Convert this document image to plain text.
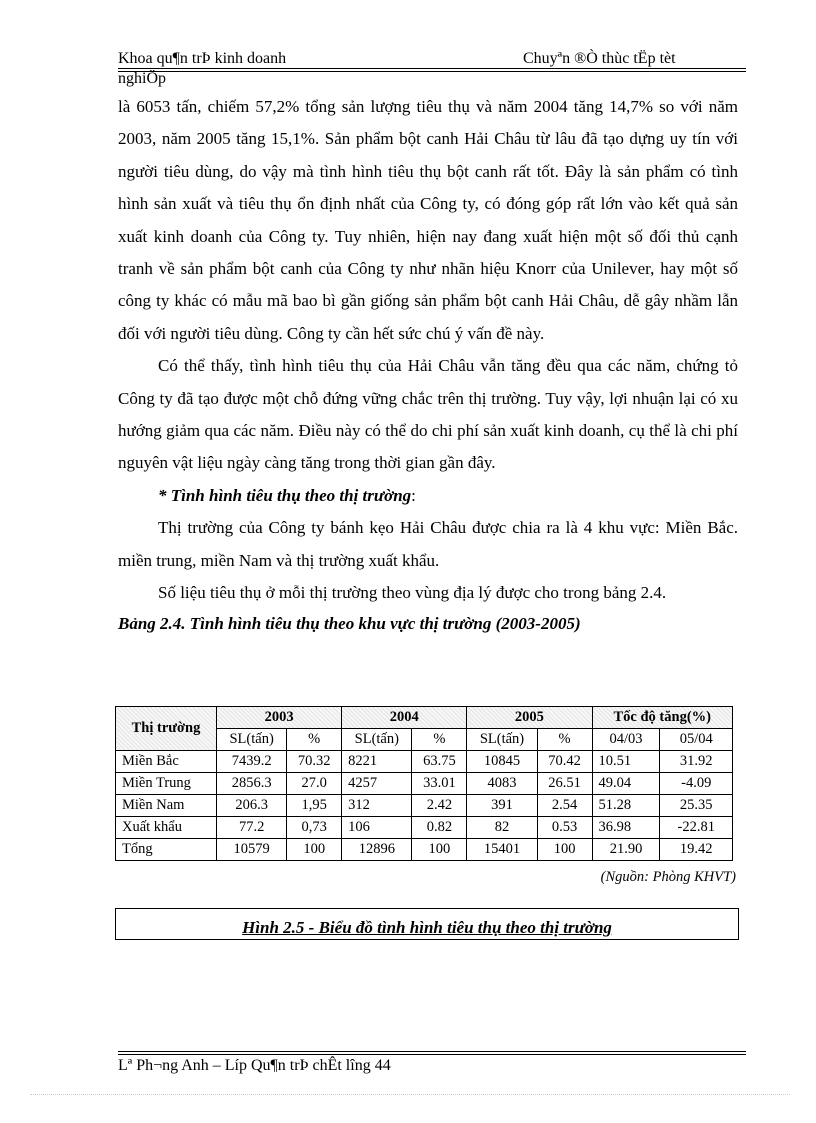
Khoa qu¶n trÞ kinh doanh	Chuyªn ®Ò thùc tËp tèt
nghiÖp

là 6053 tấn, chiếm 57,2% tổng sản lượng tiêu thụ và năm 2004 tăng 14,7% so với năm 2003, năm 2005 tăng 15,1%. Sản phẩm bột canh Hải Châu từ lâu đã tạo dựng uy tín với người tiêu dùng, do vậy mà tình hình tiêu thụ bột canh rất tốt. Đây là sản phẩm có tình hình sản xuất và tiêu thụ ổn định nhất của Công ty, có đóng góp rất lớn vào kết quả sản xuất kinh doanh của Công ty. Tuy nhiên, hiện nay đang xuất hiện một số đối thủ cạnh tranh về sản phẩm bột canh của Công ty như nhãn hiệu Knorr của Unilever, hay một số công ty khác có mẫu mã bao bì gần giống sản phẩm bột canh Hải Châu, dễ gây nhầm lẫn đối với người tiêu dùng. Công ty cần hết sức chú ý vấn đề này.

Có thể thấy, tình hình tiêu thụ của Hải Châu vẫn tăng đều qua các năm, chứng tỏ Công ty đã tạo được một chỗ đứng vững chắc trên thị trường. Tuy vậy, lợi nhuận lại có xu hướng giảm qua các năm. Điều này có thể do chi phí sản xuất kinh doanh, cụ thể là chi phí nguyên vật liệu ngày càng tăng trong thời gian gần đây.

* Tình hình tiêu thụ theo thị trường:

Thị trường của Công ty bánh kẹo Hải Châu được chia ra là 4 khu vực: Miền Bắc. miền trung, miền Nam và thị trường xuất khẩu.

Số liệu tiêu thụ ở mỗi thị trường theo vùng địa lý được cho trong bảng 2.4.

Bảng 2.4. Tình hình tiêu thụ theo khu vực thị trường (2003-2005)

Thị trường	2003		2004		2005		Tốc độ tăng(%)	
	SL(tấn)	%	SL(tấn)	%	SL(tấn)	%	04/03	05/04
Miền Bắc	7439.2	70.32	8221	63.75	10845	70.42	10.51	31.92
Miền Trung	2856.3	27.0	4257	33.01	4083	26.51	49.04	-4.09
Miền Nam	206.3	1,95	312	2.42	391	2.54	51.28	25.35
Xuất khẩu	77.2	0,73	106	0.82	82	0.53	36.98	-22.81
Tổng	10579	100	12896	100	15401	100	21.90	19.42
(Nguồn: Phòng KHVT)
Hình 2.5 - Biểu đồ tình hình tiêu thụ theo thị trường
Lª Ph¬ng Anh – Líp Qu¶n trÞ chÊt lîng 44
